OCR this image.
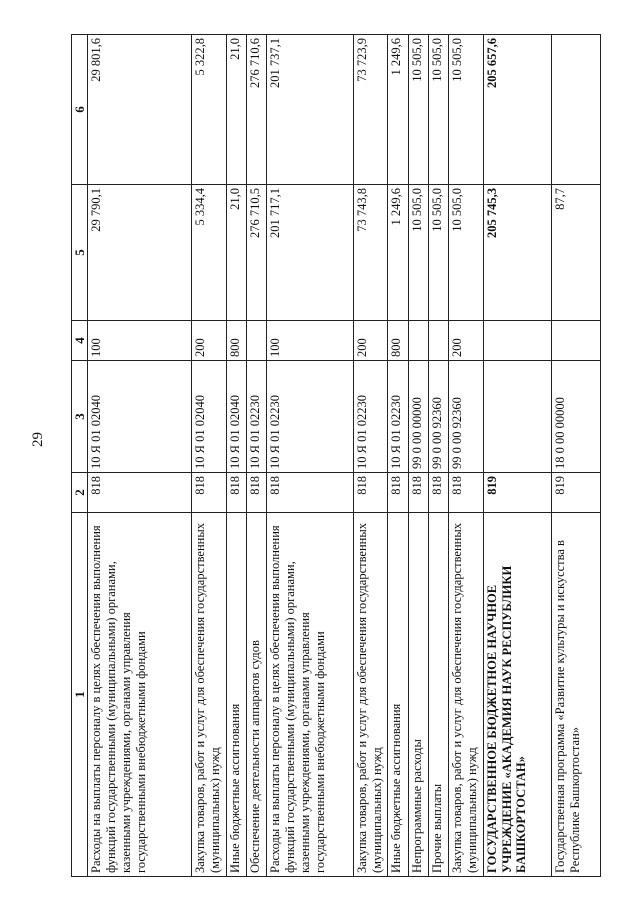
29
1	2	3	4	5	6
Расходы на выплаты персоналу в целях обеспечения выполнения функций государственными (муниципальными) органами, казенными учреждениями, органами управления государственными внебюджетными фондами	818	10 Я 01 02040	100	29 790,1	29 801,6
Закупка товаров, работ и услуг для обеспечения государственных (муниципальных) нужд	818	10 Я 01 02040	200	5 334,4	5 322,8
Иные бюджетные ассигнования	818	10 Я 01 02040	800	21,0	21,0
Обеспечение деятельности аппаратов судов	818	10 Я 01 02230		276 710,5	276 710,6
Расходы на выплаты персоналу в целях обеспечения выполнения функций государственными (муниципальными) органами, казенными учреждениями, органами управления государственными внебюджетными фондами	818	10 Я 01 02230	100	201 717,1	201 737,1
Закупка товаров, работ и услуг для обеспечения государственных (муниципальных) нужд	818	10 Я 01 02230	200	73 743,8	73 723,9
Иные бюджетные ассигнования	818	10 Я 01 02230	800	1 249,6	1 249,6
Непрограммные расходы	818	99 0 00 00000		10 505,0	10 505,0
Прочие выплаты	818	99 0 00 92360		10 505,0	10 505,0
Закупка товаров, работ и услуг для обеспечения государственных (муниципальных) нужд	818	99 0 00 92360	200	10 505,0	10 505,0
ГОСУДАРСТВЕННОЕ БЮДЖЕТНОЕ НАУЧНОЕ УЧРЕЖДЕНИЕ «АКАДЕМИЯ НАУК РЕСПУБЛИКИ БАШКОРТОСТАН»	819			205 745,3	205 657,6
Государственная программа «Развитие культуры и искусства в Республике Башкортостан»	819	18 0 00 00000		87,7	
